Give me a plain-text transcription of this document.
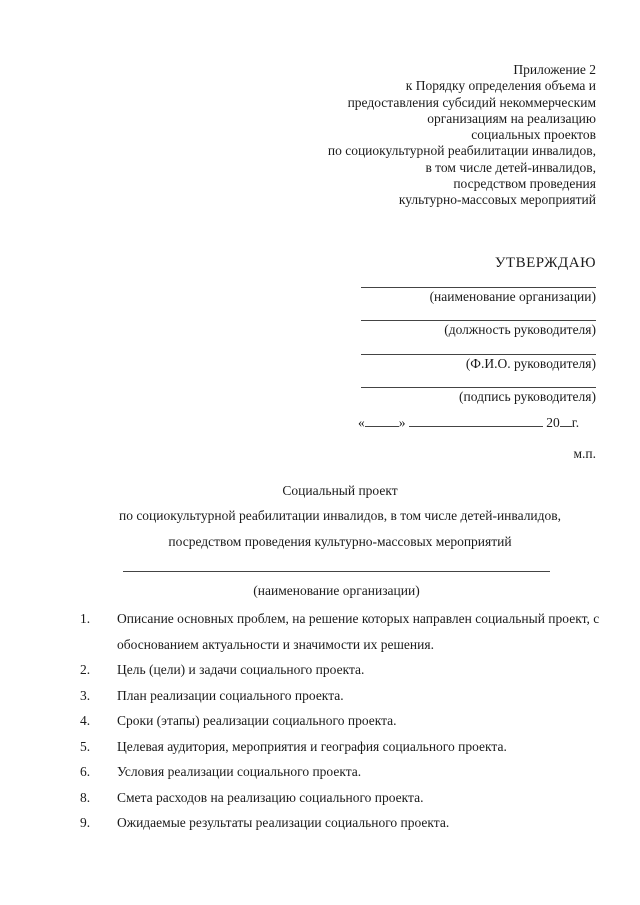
Приложение 2
к Порядку определения объема и
предоставления субсидий некоммерческим
организациям на реализацию
социальных проектов
по социокультурной реабилитации инвалидов,
в том числе детей-инвалидов,
посредством проведения
культурно-массовых мероприятий
УТВЕРЖДАЮ
(наименование организации)
(должность руководителя)
(Ф.И.О. руководителя)
(подпись руководителя)
«	»	20 г.
м.п.
Социальный проект
по социокультурной реабилитации инвалидов, в том числе детей-инвалидов,
посредством проведения культурно-массовых мероприятий
(наименование организации)
1. Описание основных проблем, на решение которых направлен социальный проект, с обоснованием актуальности и значимости их решения.
2. Цель (цели) и задачи социального проекта.
3. План реализации социального проекта.
4. Сроки (этапы) реализации социального проекта.
5. Целевая аудитория, мероприятия и география социального проекта.
6. Условия реализации социального проекта.
8. Смета расходов на реализацию социального проекта.
9. Ожидаемые результаты реализации социального проекта.
